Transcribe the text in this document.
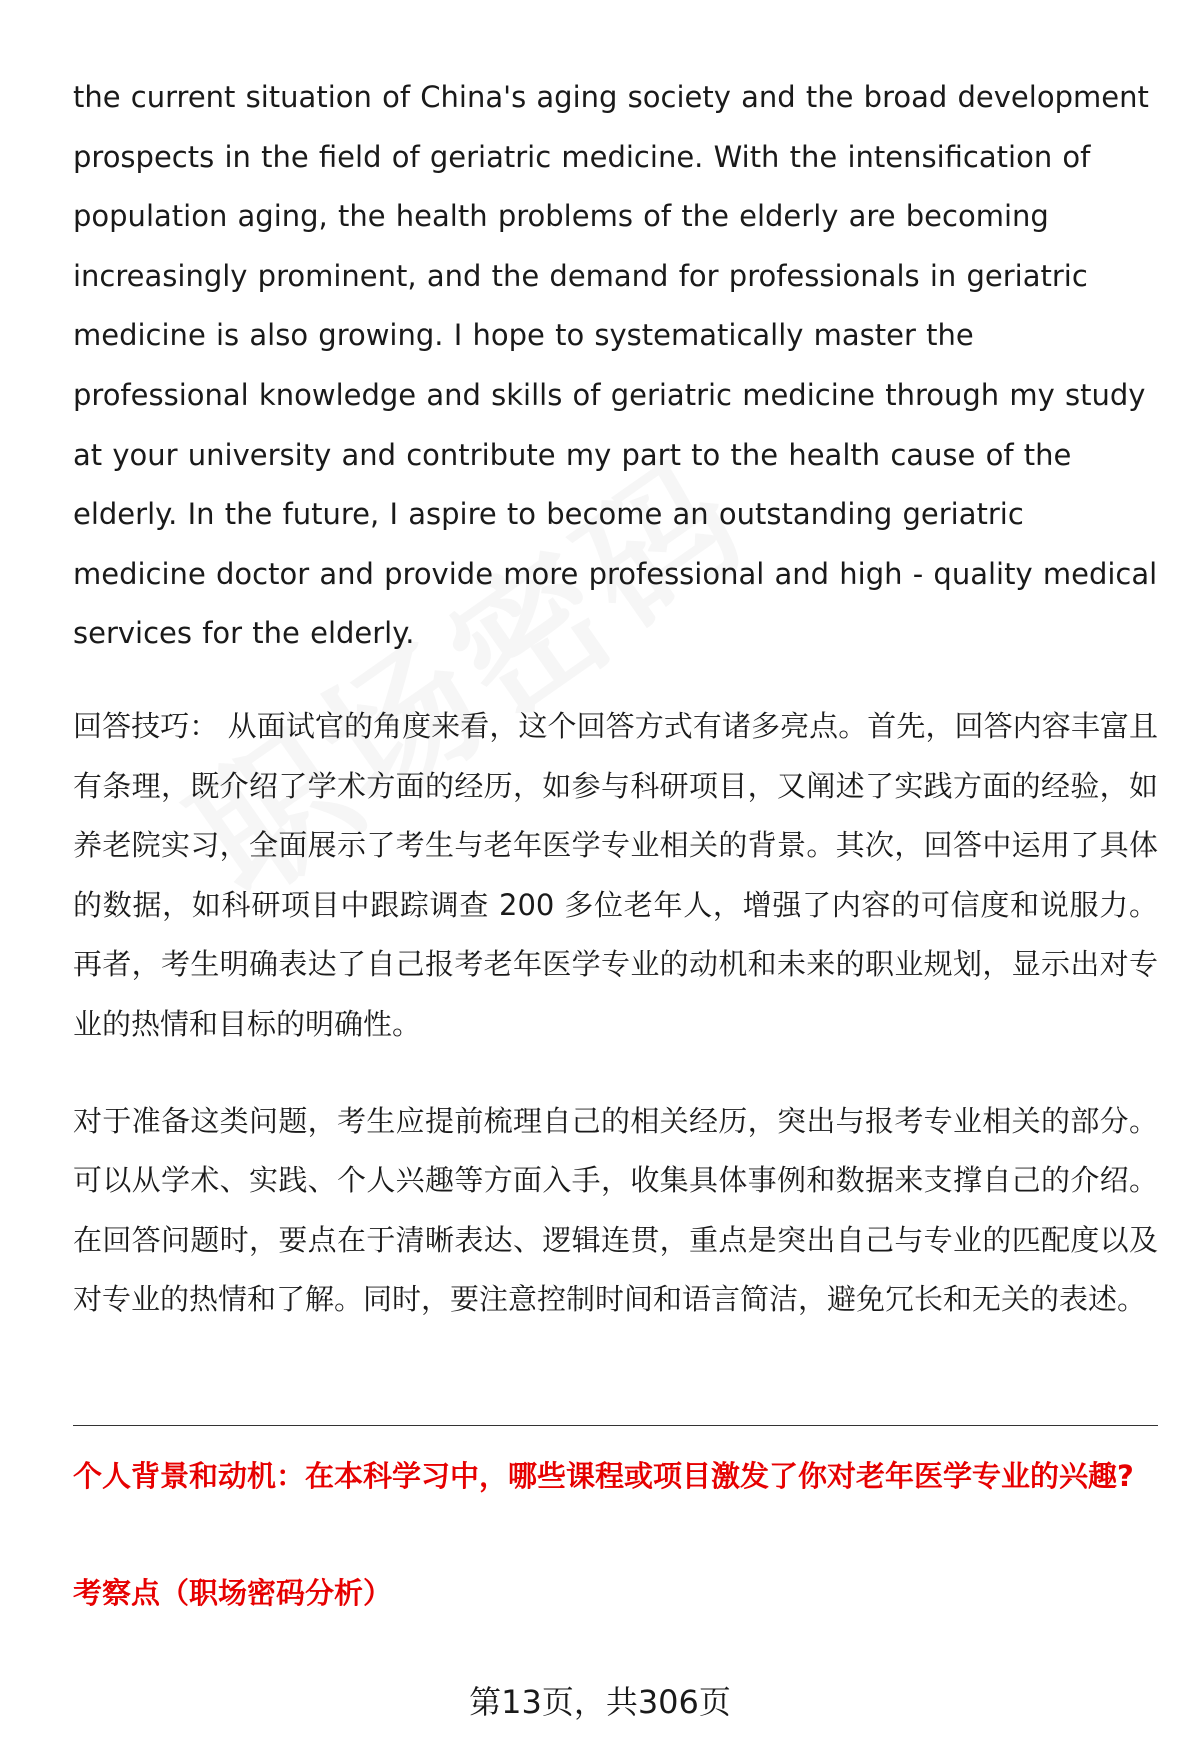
the current situation of China's aging society and the broad development prospects in the field of geriatric medicine. With the intensification of population aging, the health problems of the elderly are becoming increasingly prominent, and the demand for professionals in geriatric medicine is also growing. I hope to systematically master the professional knowledge and skills of geriatric medicine through my study at your university and contribute my part to the health cause of the elderly. In the future, I aspire to become an outstanding geriatric medicine doctor and provide more professional and high - quality medical services for the elderly.

回答技巧： 从面试官的角度来看，这个回答方式有诸多亮点。首先，回答内容丰富且有条理，既介绍了学术方面的经历，如参与科研项目，又阐述了实践方面的经验，如养老院实习，全面展示了考生与老年医学专业相关的背景。其次，回答中运用了具体的数据，如科研项目中跟踪调查 200 多位老年人，增强了内容的可信度和说服力。再者，考生明确表达了自己报考老年医学专业的动机和未来的职业规划，显示出对专业的热情和目标的明确性。

对于准备这类问题，考生应提前梳理自己的相关经历，突出与报考专业相关的部分。可以从学术、实践、个人兴趣等方面入手，收集具体事例和数据来支撑自己的介绍。在回答问题时，要点在于清晰表达、逻辑连贯，重点是突出自己与专业的匹配度以及对专业的热情和了解。同时，要注意控制时间和语言简洁，避免冗长和无关的表述。

个人背景和动机：在本科学习中，哪些课程或项目激发了你对老年医学专业的兴趣?

考察点（职场密码分析）

第13页，共306页
